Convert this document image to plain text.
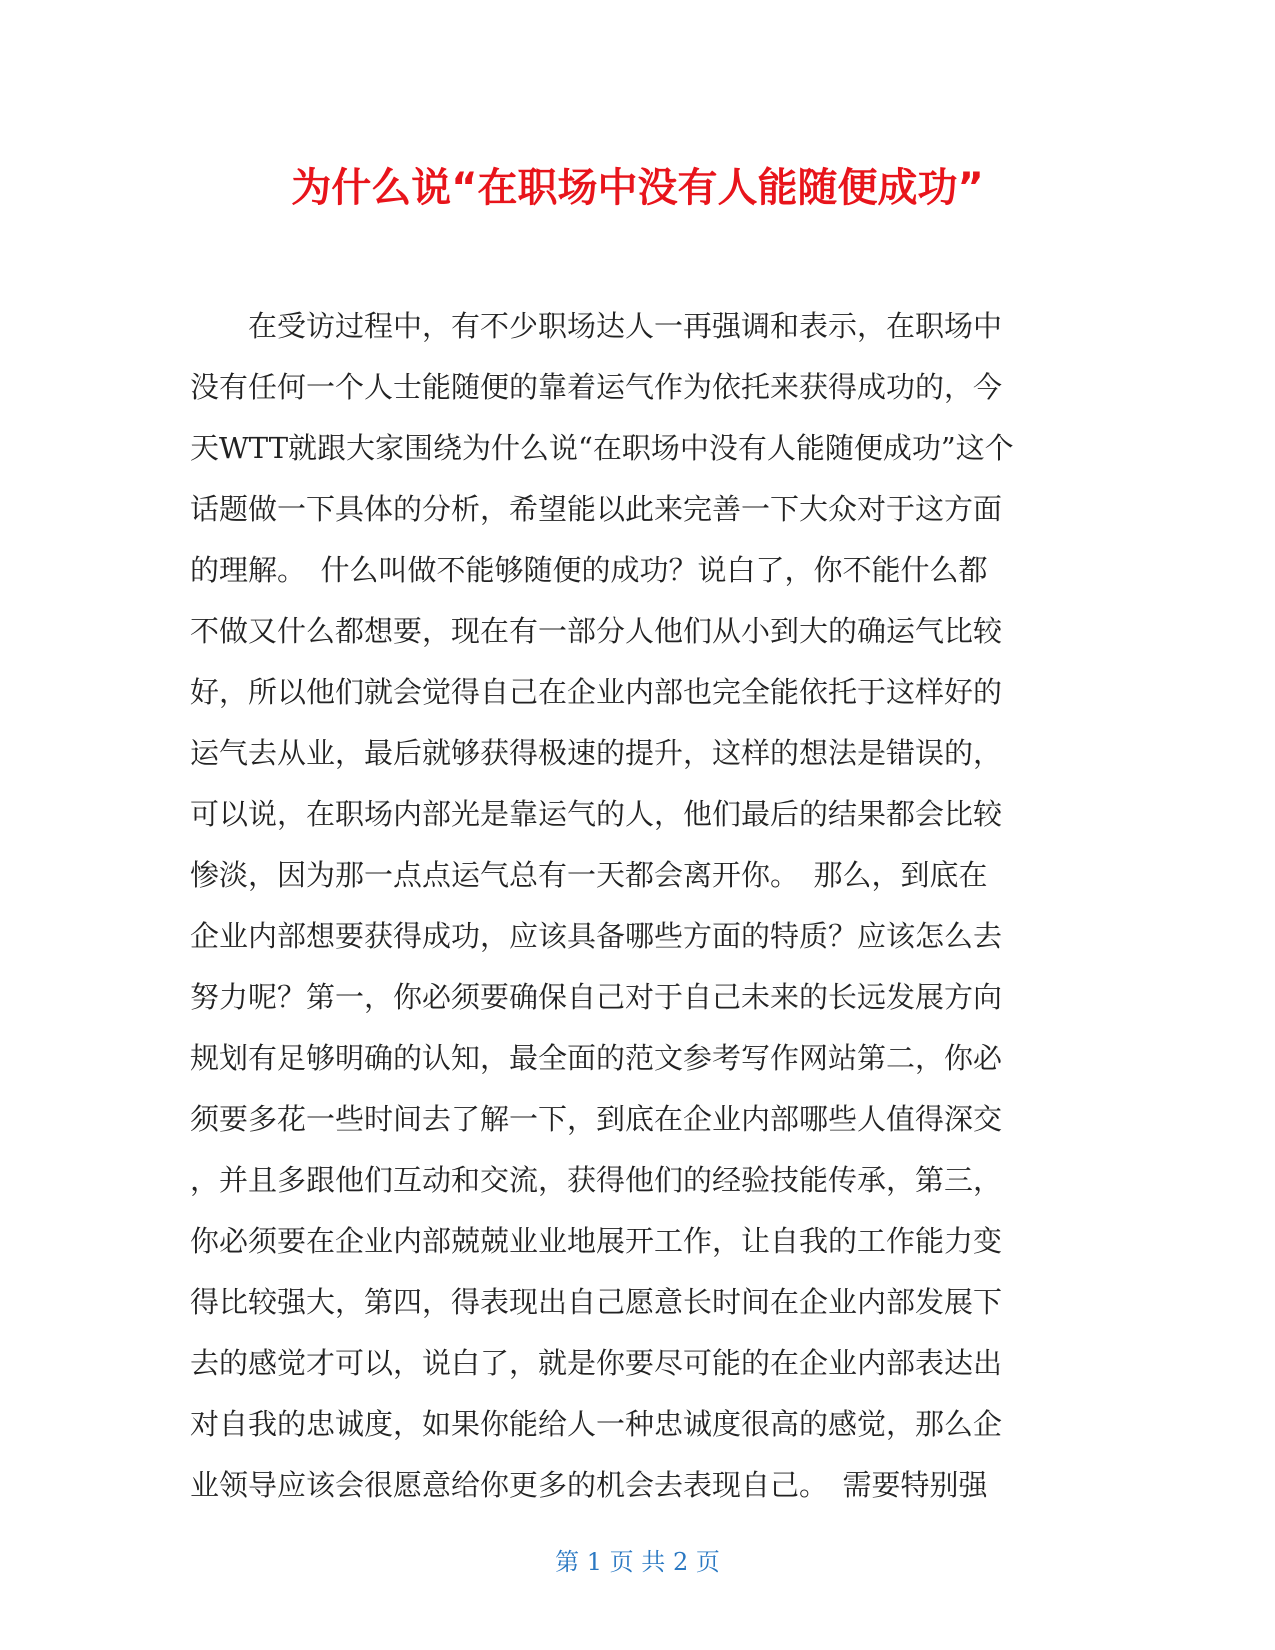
为什么说“在职场中没有人能随便成功”
　　在受访过程中，有不少职场达人一再强调和表示，在职场中
没有任何一个人士能随便的靠着运气作为依托来获得成功的，今
天WTT就跟大家围绕为什么说“在职场中没有人能随便成功”这个
话题做一下具体的分析，希望能以此来完善一下大众对于这方面
的理解。　什么叫做不能够随便的成功？说白了，你不能什么都
不做又什么都想要，现在有一部分人他们从小到大的确运气比较
好，所以他们就会觉得自己在企业内部也完全能依托于这样好的
运气去从业，最后就够获得极速的提升，这样的想法是错误的，
可以说，在职场内部光是靠运气的人，他们最后的结果都会比较
惨淡，因为那一点点运气总有一天都会离开你。　那么，到底在
企业内部想要获得成功，应该具备哪些方面的特质？应该怎么去
努力呢？第一，你必须要确保自己对于自己未来的长远发展方向
规划有足够明确的认知，最全面的范文参考写作网站第二，你必
须要多花一些时间去了解一下，到底在企业内部哪些人值得深交
，并且多跟他们互动和交流，获得他们的经验技能传承，第三，
你必须要在企业内部兢兢业业地展开工作，让自我的工作能力变
得比较强大，第四，得表现出自己愿意长时间在企业内部发展下
去的感觉才可以，说白了，就是你要尽可能的在企业内部表达出
对自我的忠诚度，如果你能给人一种忠诚度很高的感觉，那么企
业领导应该会很愿意给你更多的机会去表现自己。　需要特别强
第 1 页 共 2 页
